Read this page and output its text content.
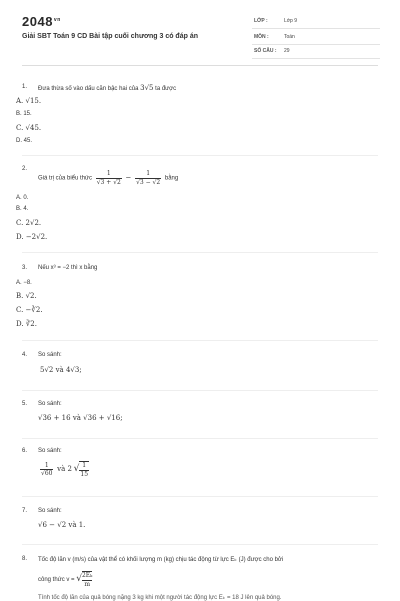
$2048^{vn}$
Giải SBT Toán 9 CD Bài tập cuối chương 3 có đáp án
LỚP :	Lớp 9
MÔN :	Toán
SỐ CÂU : 29
1. Đưa thừa số vào dấu căn bậc hai của 3√5 ta được
A. √15.
B. 15.
C. √45.
D. 45.
2.
Giá trị của biểu thức $\frac{1}{√3 + √2} - \frac{1}{√3 - √2}$ bằng
A. 0.
B. 4.
C. 2√2.
D. −2√2.
3. Nếu x³ = −2 thì x bằng
A. −8.
B. √2.
C. −∛2.
D. ∛2.
4. So sánh:
5√2 và 4√3;
5. So sánh:
√36 + 16 và √36 + √16;
6. So sánh:
$\frac{1}{√60}$ và 2 √ $\frac{1}{15}$
7. So sánh:
√6 − √2 và 1.
8. Tốc độ lăn v (m/s) của vật thể có khối lượng m (kg) chịu tác động từ lực Eₖ (J) được cho bởi
công thức v = √ $\frac{\text{2Eₖ}}{m}$
Tính tốc độ lăn của quả bóng nặng 3 kg khi một người tác động lực Eₖ = 18 J lên quả bóng.
